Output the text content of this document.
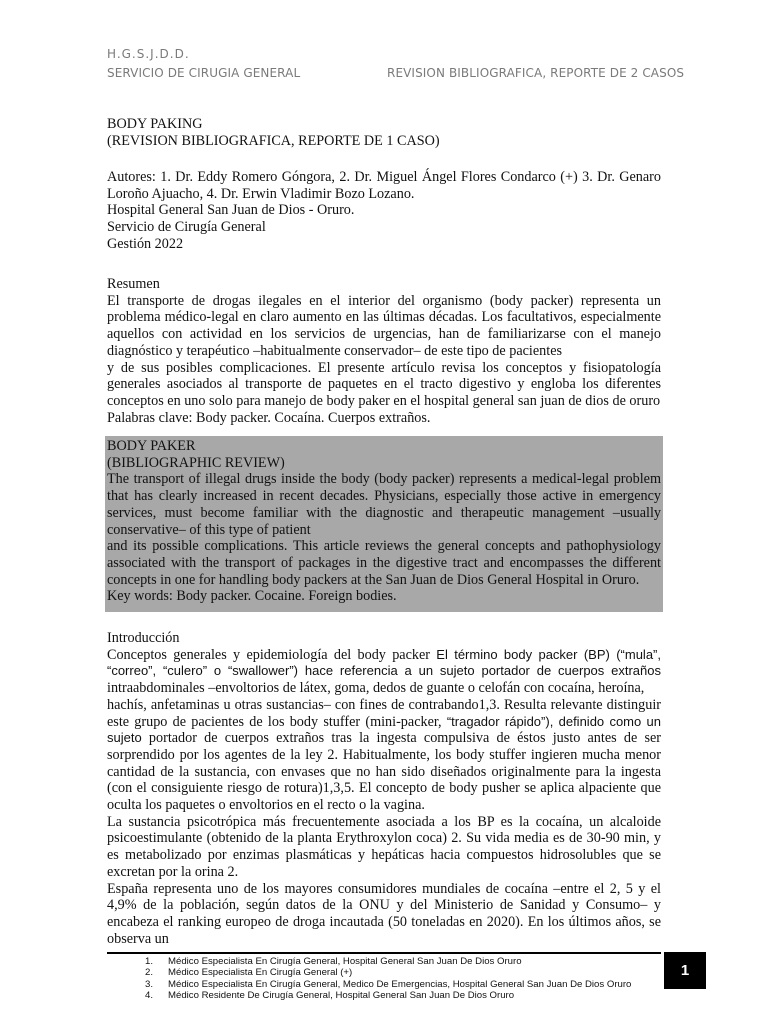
H.G.S.J.D.D.
SERVICIO DE CIRUGIA GENERAL	REVISION BIBLIOGRAFICA, REPORTE DE 2 CASOS

BODY PAKING

(REVISION BIBLIOGRAFICA, REPORTE DE 1 CASO)

Autores: 1. Dr. Eddy Romero Góngora, 2. Dr. Miguel Ángel Flores Condarco (+) 3. Dr. Genaro Loroño Ajuacho, 4. Dr. Erwin Vladimir Bozo Lozano.

Hospital General San Juan de Dios - Oruro.

Servicio de Cirugía General

Gestión 2022

Resumen

El transporte de drogas ilegales en el interior del organismo (body packer) representa un problema médico-legal en claro aumento en las últimas décadas. Los facultativos, especialmente aquellos con actividad en los servicios de urgencias, han de familiarizarse con el manejo diagnóstico y terapéutico –habitualmente conservador– de este tipo de pacientes

y de sus posibles complicaciones. El presente artículo revisa los conceptos y fisiopatología generales asociados al transporte de paquetes en el tracto digestivo y engloba los diferentes conceptos en uno solo para manejo de body paker en el hospital general san juan de dios de oruro

Palabras clave: Body packer. Cocaína. Cuerpos extraños.

BODY PAKER

(BIBLIOGRAPHIC REVIEW)

The transport of illegal drugs inside the body (body packer) represents a medical-legal problem that has clearly increased in recent decades. Physicians, especially those active in emergency services, must become familiar with the diagnostic and therapeutic management –usually conservative– of this type of patient

and its possible complications. This article reviews the general concepts and pathophysiology associated with the transport of packages in the digestive tract and encompasses the different concepts in one for handling body packers at the San Juan de Dios General Hospital in Oruro.

Key words: Body packer. Cocaine. Foreign bodies.

Introducción

Conceptos generales y epidemiología del body packer El término body packer (BP) (“mula”, “correo”, “culero” o “swallower”) hace referencia a un sujeto portador de cuerpos extraños intraabdominales –envoltorios de látex, goma, dedos de guante o celofán con cocaína, heroína,

hachís, anfetaminas u otras sustancias– con fines de contrabando1,3. Resulta relevante distinguir este grupo de pacientes de los body stuffer (mini-packer, “tragador rápido”), definido como un sujeto portador de cuerpos extraños tras la ingesta compulsiva de éstos justo antes de ser sorprendido por los agentes de la ley 2. Habitualmente, los body stuffer ingieren mucha menor cantidad de la sustancia, con envases que no han sido diseñados originalmente para la ingesta (con el consiguiente riesgo de rotura)1,3,5. El concepto de body pusher se aplica alpaciente que oculta los paquetes o envoltorios en el recto o la vagina.

La sustancia psicotrópica más frecuentemente asociada a los BP es la cocaína, un alcaloide psicoestimulante (obtenido de la planta Erythroxylon coca) 2. Su vida media es de 30-90 min, y es metabolizado por enzimas plasmáticas y hepáticas hacia compuestos hidrosolubles que se excretan por la orina 2.

España representa uno de los mayores consumidores mundiales de cocaína –entre el 2, 5 y el 4,9% de la población, según datos de la ONU y del Ministerio de Sanidad y Consumo– y encabeza el ranking europeo de droga incautada (50 toneladas en 2020). En los últimos años, se observa un

1.	Médico Especialista En Cirugía General, Hospital General San Juan De Dios Oruro
2.	Médico Especialista En Cirugía General (+)
3.	Médico Especialista En Cirugía General, Medico De Emergencias, Hospital General San Juan De Dios Oruro
4.	Médico Residente De Cirugía General, Hospital General San Juan De Dios Oruro
1
